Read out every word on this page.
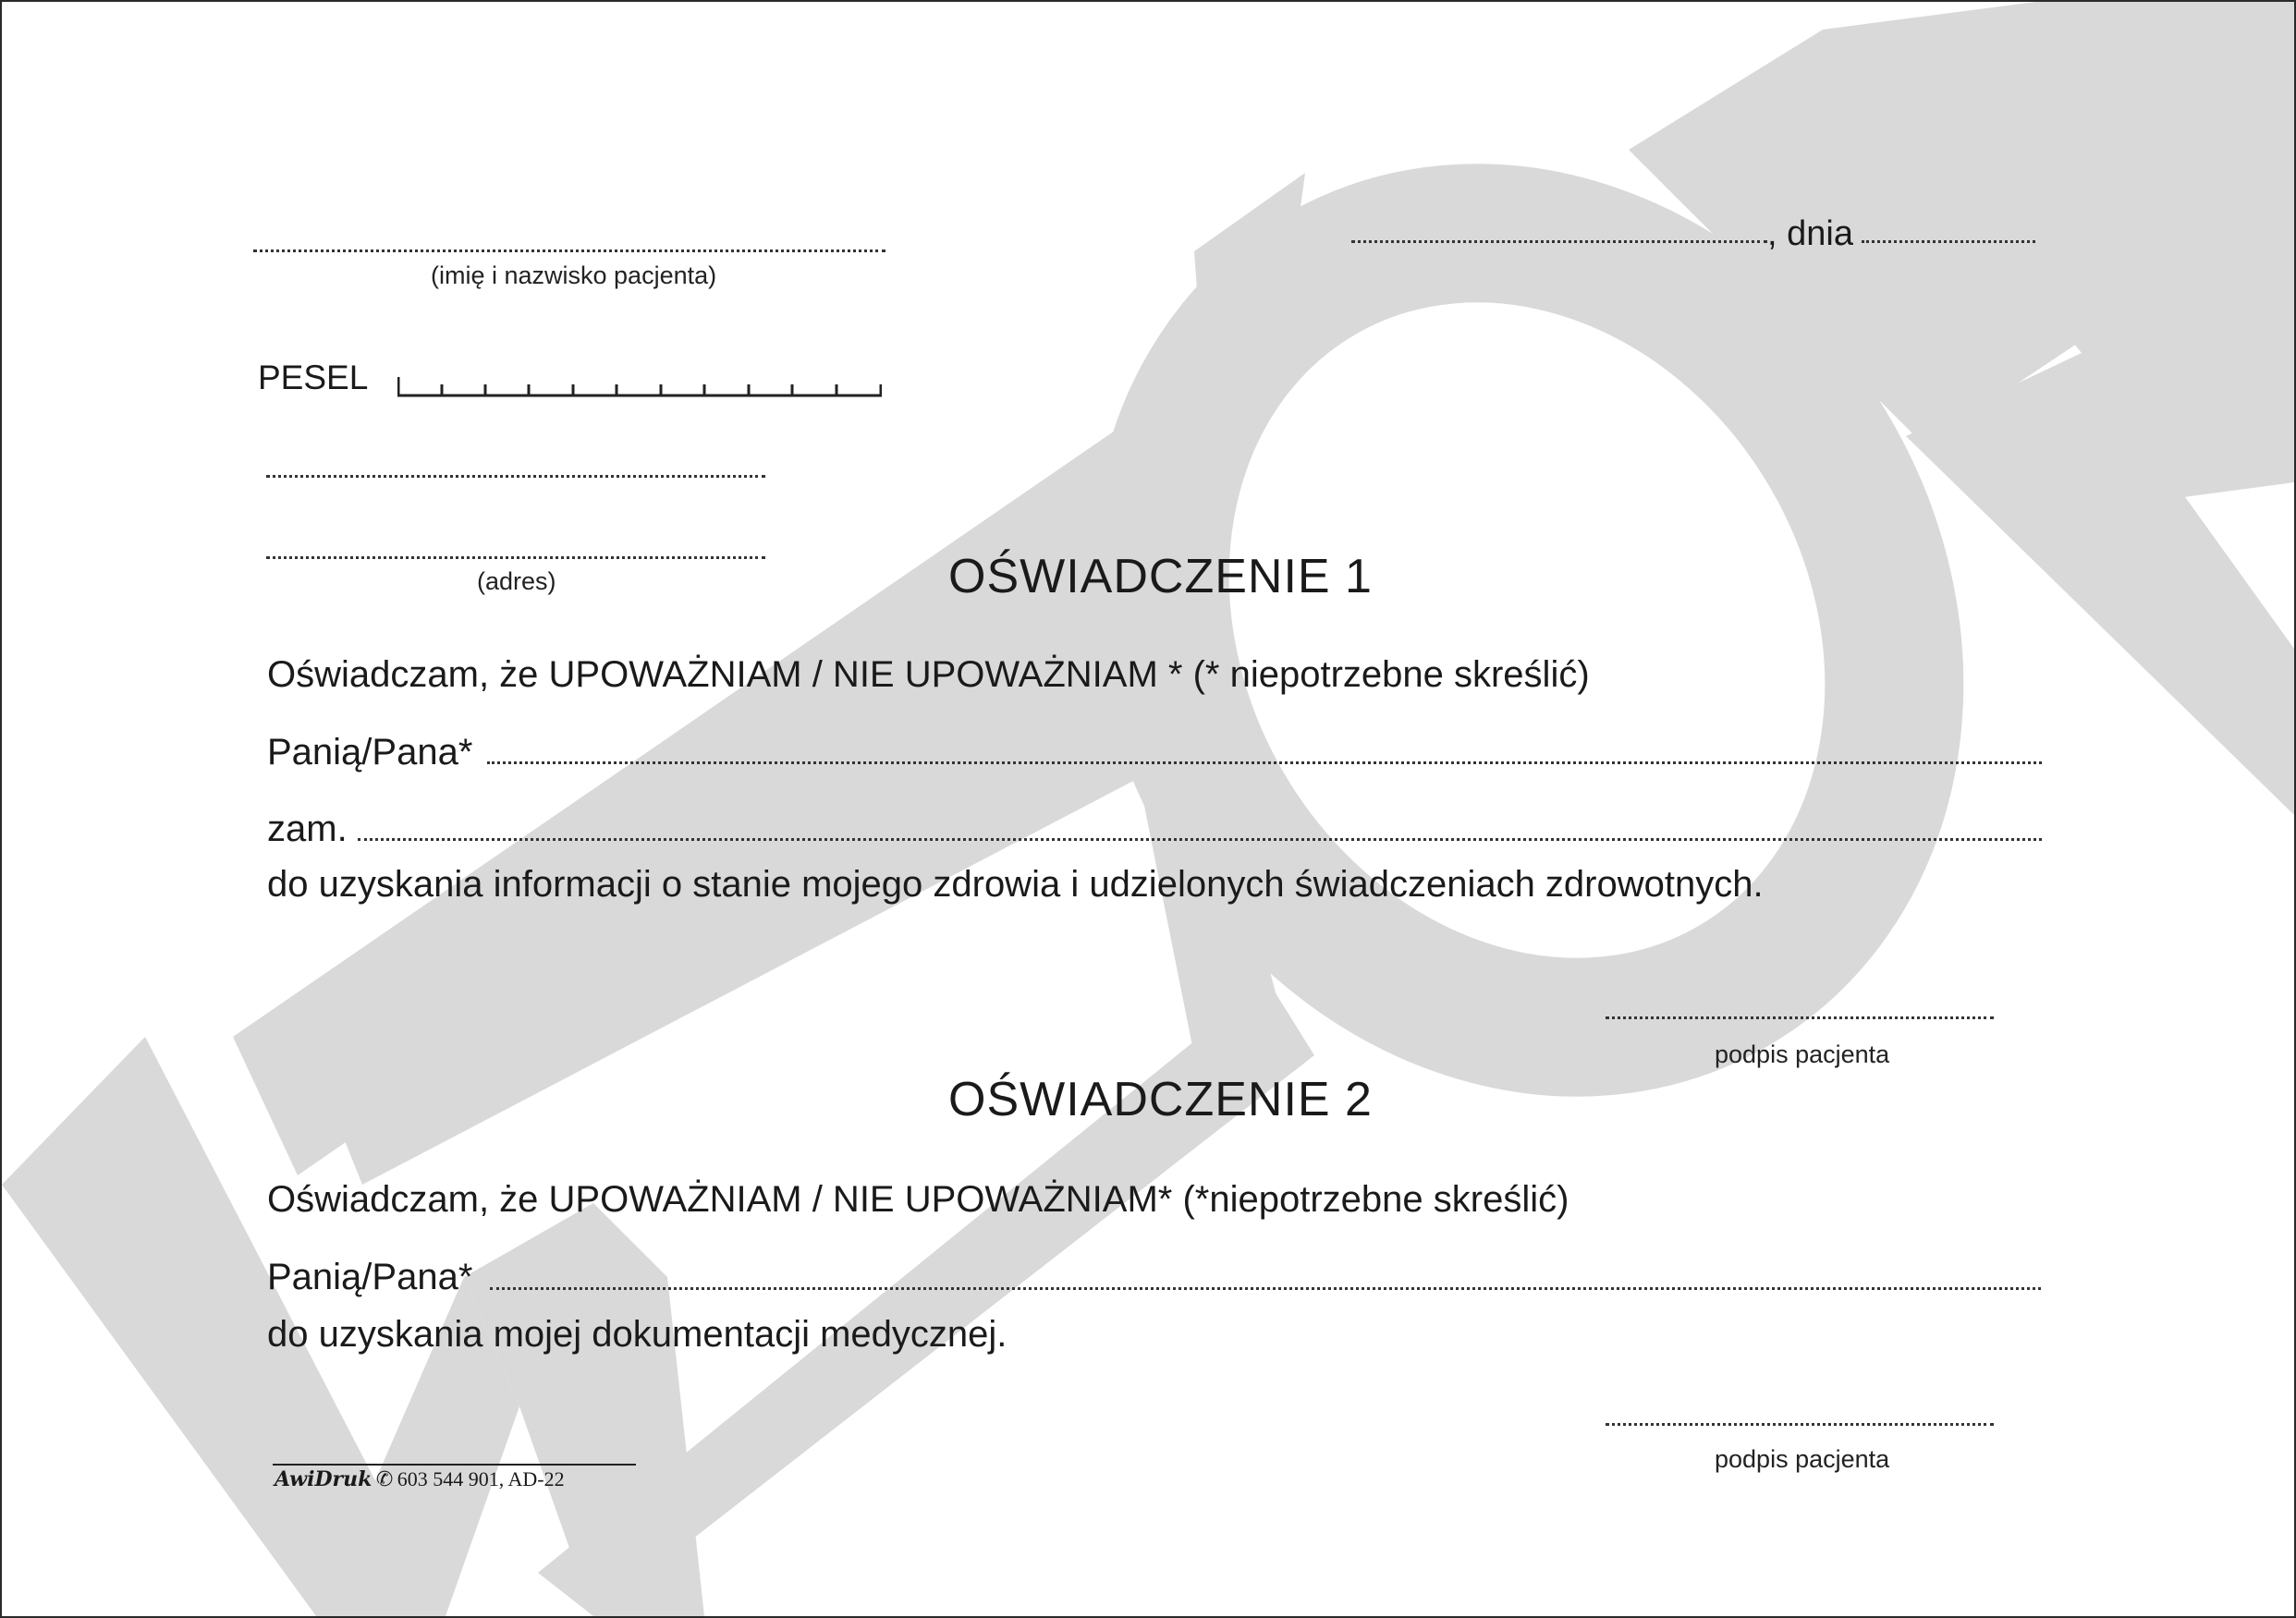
(imię i nazwisko pacjenta)
, dnia
PESEL
(adres)	OŚWIADCZENIE 1
Oświadczam, że UPOWAŻNIAM / NIE UPOWAŻNIAM * (* niepotrzebne skreślić)
Panią/Pana*
zam.
do uzyskania informacji o stanie mojego zdrowia i udzielonych świadczeniach zdrowotnych.
podpis pacjenta
OŚWIADCZENIE 2
Oświadczam, że UPOWAŻNIAM / NIE UPOWAŻNIAM* (*niepotrzebne skreślić)
Panią/Pana*
do uzyskania mojej dokumentacji medycznej.
podpis pacjenta
AwiDruk ✆ 603 544 901, AD-22
